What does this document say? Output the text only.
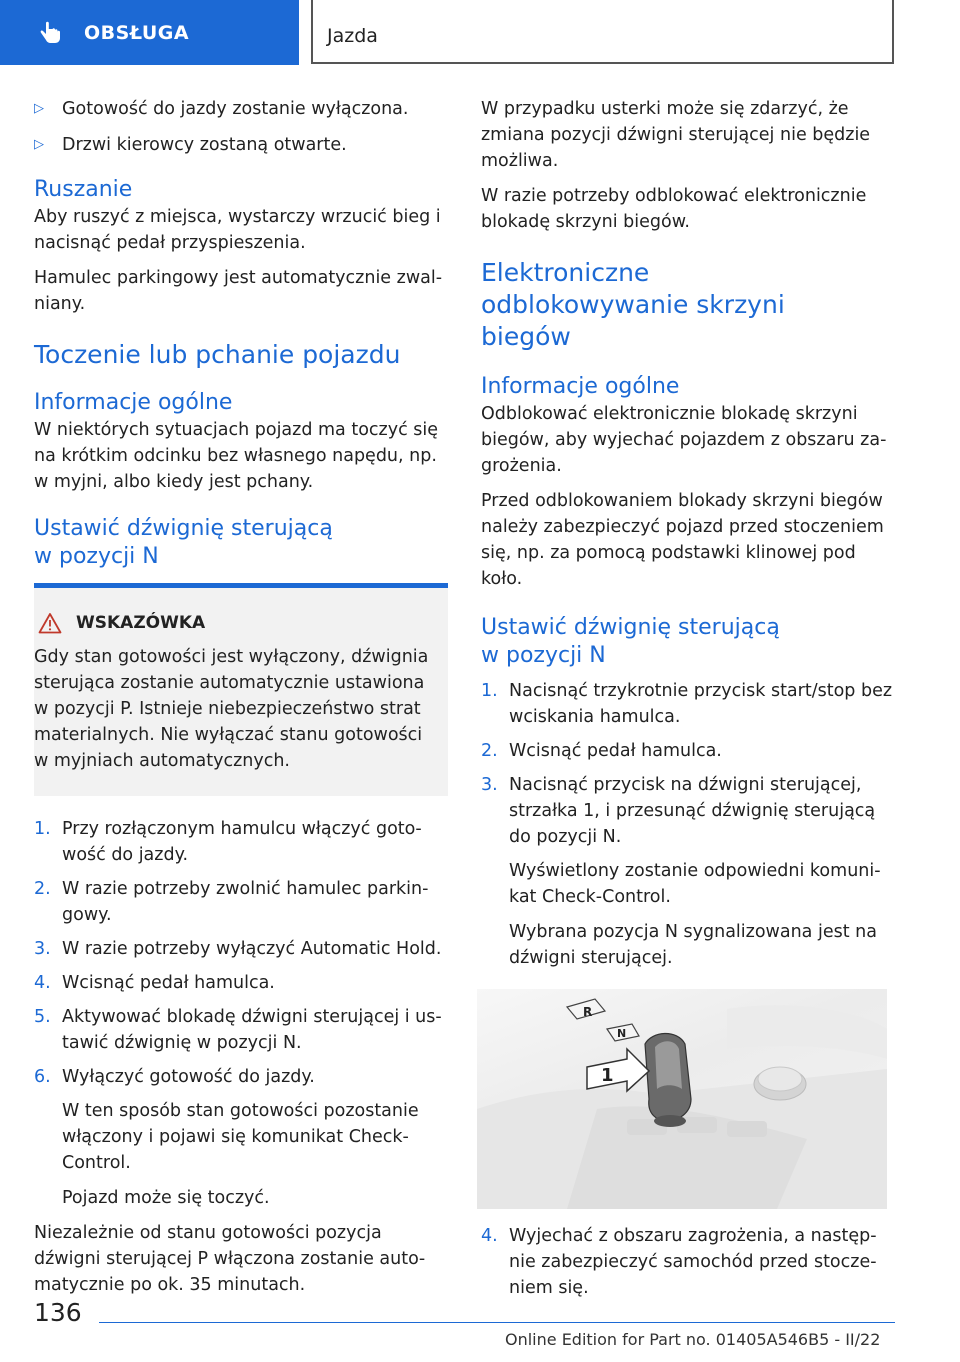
OBSŁUGA	Jazda
▷	Gotowość do jazdy zostanie wyłączona.
▷	Drzwi kierowcy zostaną otwarte.
Ruszanie

Aby ruszyć z miejsca, wystarczy wrzucić bieg i nacisnąć pedał przyspieszenia.

Hamulec parkingowy jest automatycznie zwalniany.

Toczenie lub pchanie pojazdu
Informacje ogólne

W niektórych sytuacjach pojazd ma toczyć się na krótkim odcinku bez własnego napędu, np. w myjni, albo kiedy jest pchany.

Ustawić dźwignię sterującą w pozycji N
WSKAZÓWKA
Gdy stan gotowości jest wyłączony, dźwignia sterująca zostanie automatycznie ustawiona w pozycji P. Istnieje niebezpieczeństwo strat materialnych. Nie wyłączać stanu gotowości w myjniach automatycznych.
1. Przy rozłączonym hamulcu włączyć gotowość do jazdy.
2. W razie potrzeby zwolnić hamulec parkingowy.
3. W razie potrzeby wyłączyć Automatic Hold.
4. Wcisnąć pedał hamulca.
5. Aktywować blokadę dźwigni sterującej i ustawić dźwignię w pozycji N.
6. Wyłączyć gotowość do jazdy.

W ten sposób stan gotowości pozostanie włączony i pojawi się komunikat Check-Control.

Pojazd może się toczyć.

Niezależnie od stanu gotowości pozycja dźwigni sterującej P włączona zostanie automatycznie po ok. 35 minutach.

W przypadku usterki może się zdarzyć, że zmiana pozycji dźwigni sterującej nie będzie możliwa.

W razie potrzeby odblokować elektronicznie blokadę skrzyni biegów.

Elektroniczne odblokowywanie skrzyni biegów
Informacje ogólne

Odblokować elektronicznie blokadę skrzyni biegów, aby wyjechać pojazdem z obszaru zagrożenia.

Przed odblokowaniem blokady skrzyni biegów należy zabezpieczyć pojazd przed stoczeniem się, np. za pomocą podstawki klinowej pod koło.

Ustawić dźwignię sterującą w pozycji N
1. Nacisnąć trzykrotnie przycisk start/stop bez wciskania hamulca.
2. Wcisnąć pedał hamulca.
3. Nacisnąć przycisk na dźwigni sterującej, strzałka 1, i przesunąć dźwignię sterującą do pozycji N.

Wyświetlony zostanie odpowiedni komunikat Check-Control.

Wybrana pozycja N sygnalizowana jest na dźwigni sterującej.

R
N
1
4. Wyjechać z obszaru zagrożenia, a następnie zabezpieczyć samochód przed stoczeniem się.
136
Online Edition for Part no. 01405A546B5 - II/22
